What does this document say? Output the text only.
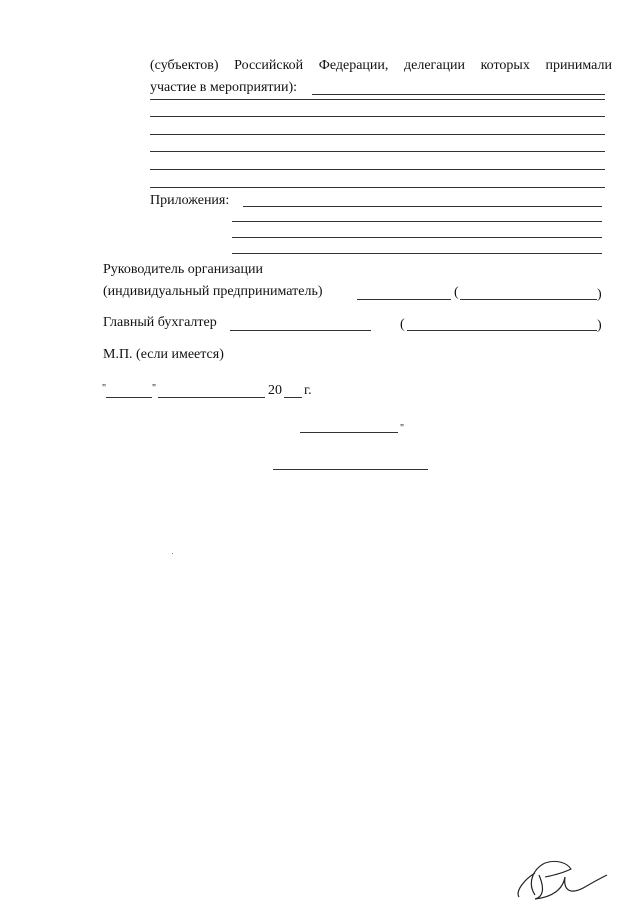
(субъектов) Российской Федерации, делегации которых принимали
участие в мероприятии):
Приложения:
Руководитель организации
(индивидуальный предприниматель)	(	)
Главный бухгалтер	(	)
М.П. (если имеется)
"	"	20 г.
"
